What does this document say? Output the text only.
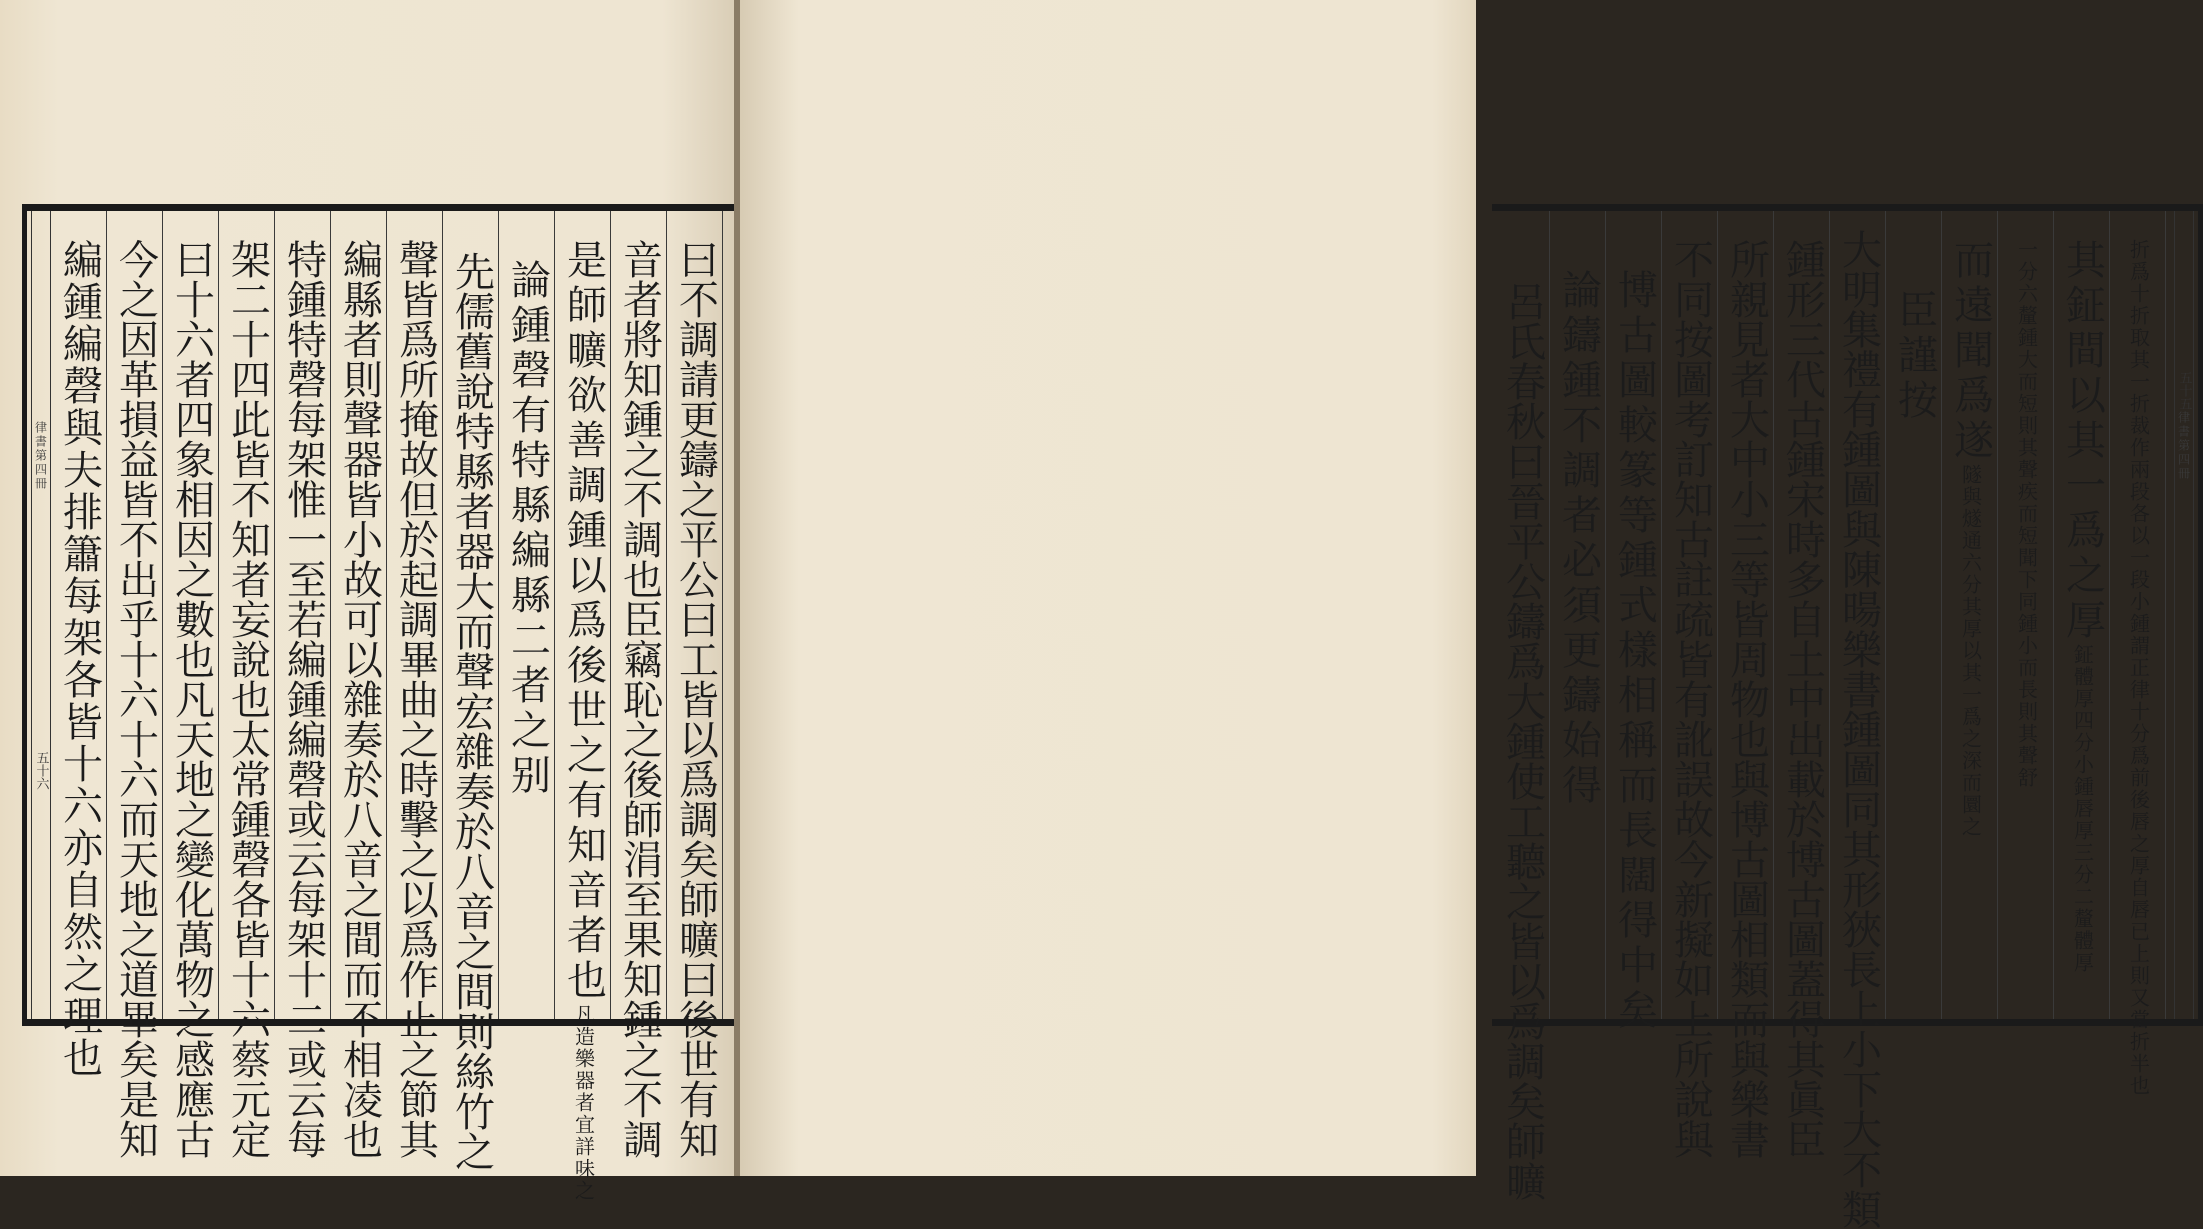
律書第四冊
五十六	曰不調請更鑄之平公曰工皆以爲調矣師曠曰後世有知
音者將知鍾之不調也臣竊恥之後師涓至果知鍾之不調
是師曠欲善調鍾以爲後世之有知音者也凡造樂器者宜詳味之
論鍾磬有特縣編縣二者之别
先儒舊說特縣者器大而聲宏雜奏於八音之間則絲竹之
聲皆爲所掩故但於起調畢曲之時擊之以爲作止之節其
編縣者則聲器皆小故可以雜奏於八音之間而不相凌也
特鍾特磬每架惟一至若編鍾編磬或云每架十二或云每
架二十四此皆不知者妄說也太常鍾磬各皆十六蔡元定
曰十六者四象相因之數也凡天地之變化萬物之感應古
今之因革損益皆不出乎十六十六而天地之道畢矣是知
編鍾編磬與夫排簫每架各皆十六亦自然之理也	律書第四冊
五十五
折爲十折取其一折裁作兩段各以一段小鍾謂正律十分爲前後唇之厚自唇已上則又當折半也
其鉦間以其一爲之厚鉦體厚四分小鍾唇厚三分二釐體厚
一分六釐鍾大而短則其聲疾而短聞下同鍾小而長則其聲舒
而遠聞爲遂隧與燧通六分其厚以其一爲之深而圜之
臣謹按
大明集禮有鍾圖與陳暘樂書鍾圖同其形狹長上小下大不類
鍾形三代古鍾宋時多自土中出載於博古圖蓋得其眞臣
所親見者大中小三等皆周物也與博古圖相類而與樂書
不同按圖考訂知古註疏皆有訛誤故今新擬如上所說與
博古圖較篆等鍾式樣相稱而長闊得中矣
論鑄鍾不調者必須更鑄始得
呂氏春秋曰晉平公鑄爲大鍾使工聽之皆以爲調矣師曠
